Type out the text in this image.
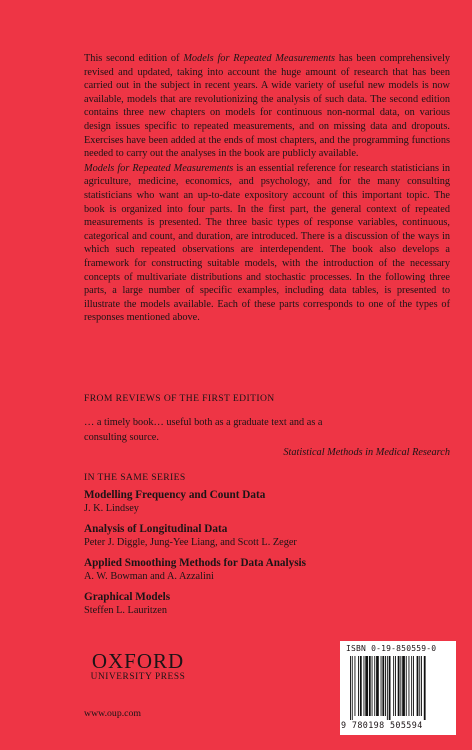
This second edition of Models for Repeated Measurements has been comprehensively revised and updated, taking into account the huge amount of research that has been carried out in the subject in recent years. A wide variety of useful new models is now available, models that are revolutionizing the analysis of such data. The second edition contains three new chapters on models for continuous non-normal data, on various design issues specific to repeated measurements, and on missing data and dropouts. Exercises have been added at the ends of most chapters, and the programming functions needed to carry out the analyses in the book are publicly available.

Models for Repeated Measurements is an essential reference for research statisticians in agriculture, medicine, economics, and psychology, and for the many consulting statisticians who want an up-to-date expository account of this important topic. The book is organized into four parts. In the first part, the general context of repeated measurements is presented. The three basic types of response variables, continuous, categorical and count, and duration, are introduced. There is a discussion of the ways in which such repeated observations are interdependent. The book also develops a framework for constructing suitable models, with the introduction of the necessary concepts of multivariate distributions and stochastic processes. In the following three parts, a large number of specific examples, including data tables, is presented to illustrate the models available. Each of these parts corresponds to one of the types of responses mentioned above.

FROM REVIEWS OF THE FIRST EDITION
… a timely book… useful both as a graduate text and as a consulting source.
Statistical Methods in Medical Research
IN THE SAME SERIES
Modelling Frequency and Count Data
J. K. Lindsey
Analysis of Longitudinal Data
Peter J. Diggle, Jung-Yee Liang, and Scott L. Zeger
Applied Smoothing Methods for Data Analysis
A. W. Bowman and A. Azzalini
Graphical Models
Steffen L. Lauritzen
OXFORD
UNIVERSITY PRESS
www.oup.com
ISBN 0-19-850559-0
9 780198 505594
